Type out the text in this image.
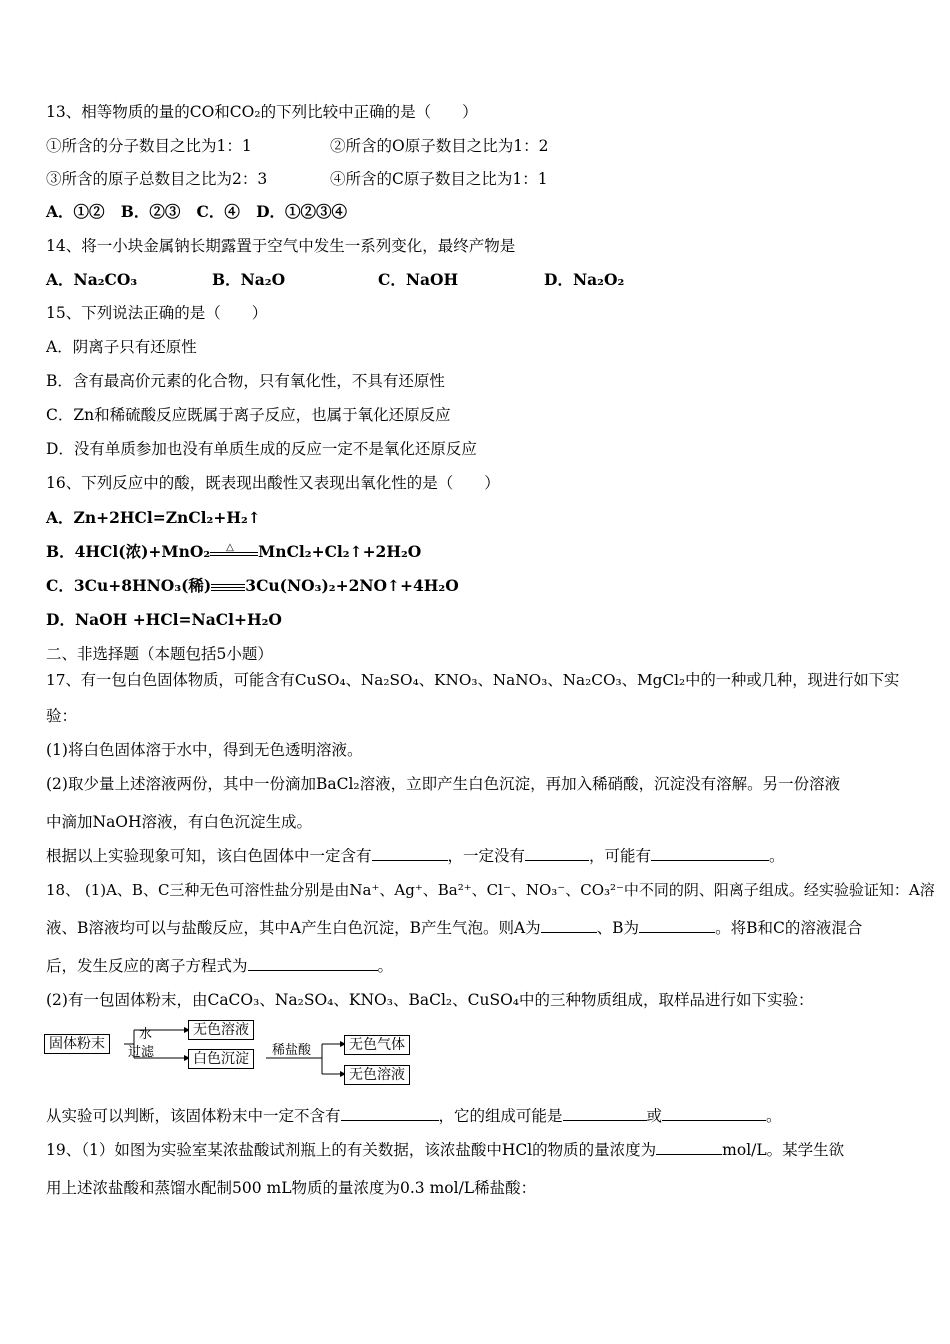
13、相等物质的量的CO和CO₂的下列比较中正确的是（　　）
①所含的分子数目之比为1：1	②所含的O原子数目之比为1：2
③所含的原子总数目之比为2：3	④所含的C原子数目之比为1：1
A．①② B．②③ C．④ D．①②③④
14、将一小块金属钠长期露置于空气中发生一系列变化，最终产物是
A．Na₂CO₃	B．Na₂O	C．NaOH	D．Na₂O₂
15、下列说法正确的是（　　）
A．阴离子只有还原性
B．含有最高价元素的化合物，只有氧化性，不具有还原性
C．Zn和稀硫酸反应既属于离子反应，也属于氧化还原反应
D．没有单质参加也没有单质生成的反应一定不是氧化还原反应
16、下列反应中的酸，既表现出酸性又表现出氧化性的是（　　）
A．Zn+2HCl=ZnCl₂+H₂↑
B．4HCl(浓)+MnO₂ △ MnCl₂+Cl₂↑+2H₂O
C．3Cu+8HNO₃(稀) 3Cu(NO₃)₂+2NO↑+4H₂O
D．NaOH +HCl=NaCl+H₂O
二、非选择题（本题包括5小题）
17、有一包白色固体物质，可能含有CuSO₄、Na₂SO₄、KNO₃、NaNO₃、Na₂CO₃、MgCl₂中的一种或几种，现进行如下实
验：
(1)将白色固体溶于水中，得到无色透明溶液。
(2)取少量上述溶液两份，其中一份滴加BaCl₂溶液，立即产生白色沉淀，再加入稀硝酸，沉淀没有溶解。另一份溶液
中滴加NaOH溶液，有白色沉淀生成。
根据以上实验现象可知，该白色固体中一定含有	，一定没有	，可能有	。
18、 (1)A、B、C三种无色可溶性盐分别是由Na⁺、Ag⁺、Ba²⁺、Cl⁻、NO₃⁻、CO₃²⁻中不同的阴、阳离子组成。经实验验证知：A溶
液、B溶液均可以与盐酸反应，其中A产生白色沉淀，B产生气泡。则A为	、B为	。将B和C的溶液混合
后，发生反应的离子方程式为	。
(2)有一包固体粉末，由CaCO₃、Na₂SO₄、KNO₃、BaCl₂、CuSO₄中的三种物质组成，取样品进行如下实验：
固体粉末
水
过滤
无色溶液
白色沉淀
稀盐酸	无色气体
无色溶液
从实验可以判断，该固体粉末中一定不含有	，它的组成可能是	或	。
19、（1）如图为实验室某浓盐酸试剂瓶上的有关数据，该浓盐酸中HCl的物质的量浓度为	mol/L。某学生欲
用上述浓盐酸和蒸馏水配制500 mL物质的量浓度为0.3 mol/L稀盐酸：
